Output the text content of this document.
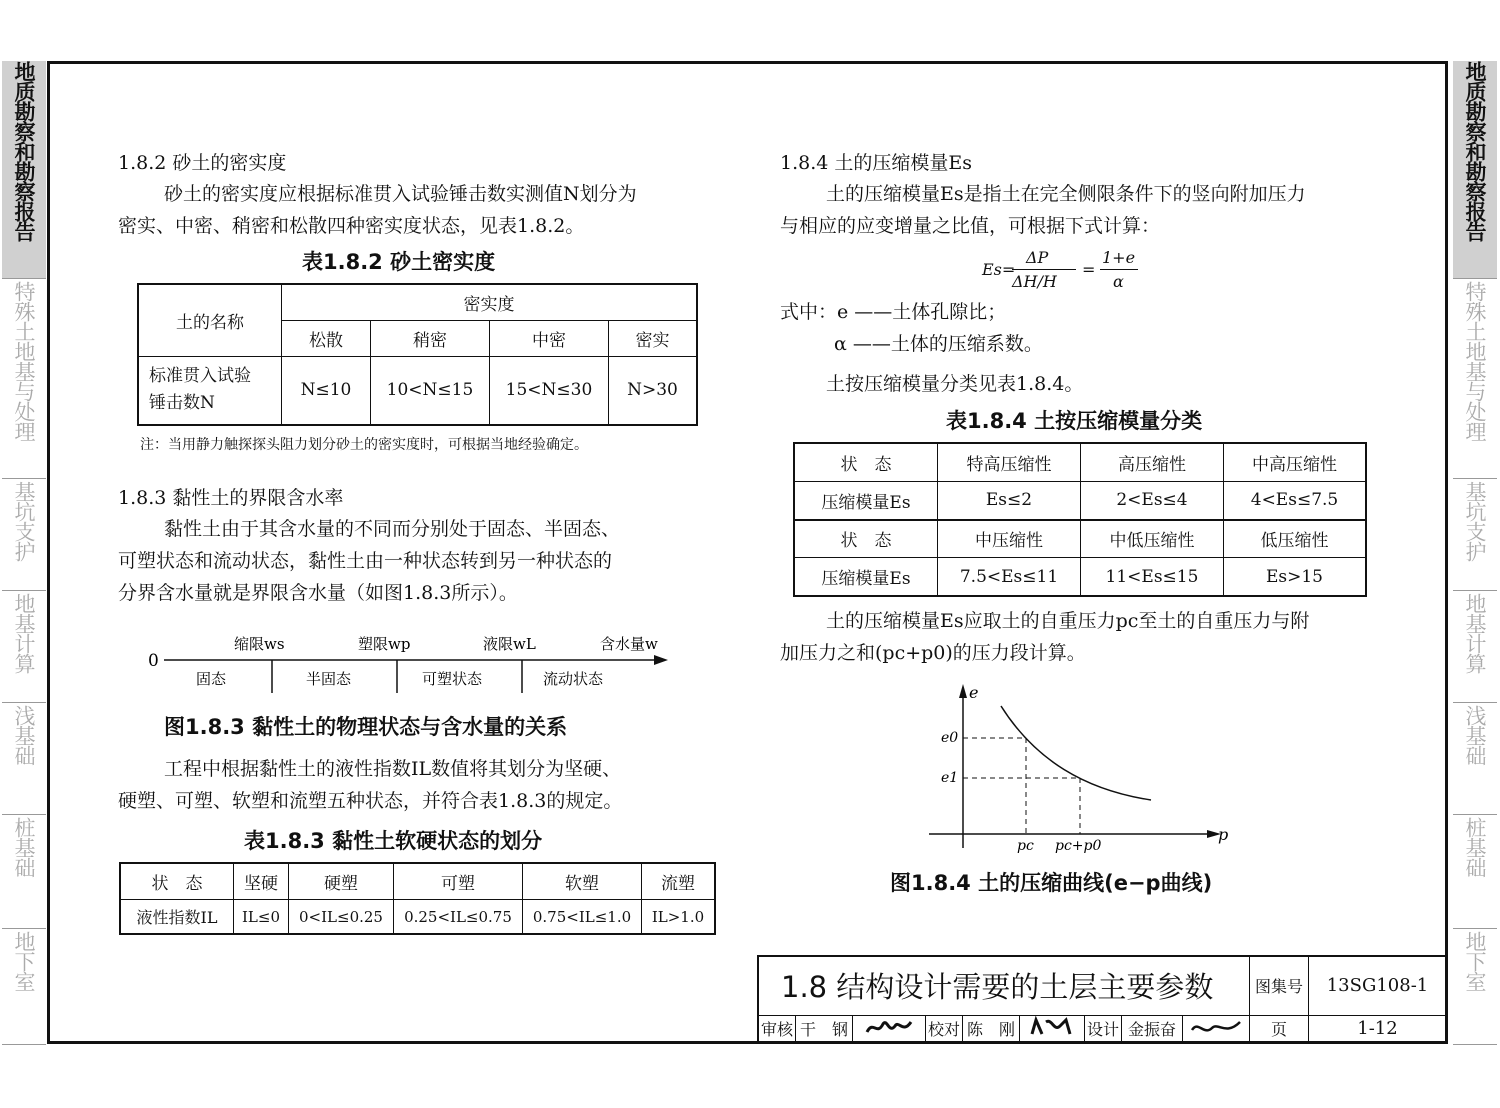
地质勘察和勘察报告
特殊土地基与处理
基坑支护
地基计算
浅基础
桩基础
地下室
地质勘察和勘察报告
特殊土地基与处理
基坑支护
地基计算
浅基础
桩基础
地下室
1.8.2 砂土的密实度
砂土的密实度应根据标准贯入试验锤击数实测值N划分为
密实、中密、稍密和松散四种密实度状态，见表1.8.2。
表1.8.2 砂土密实度
土的名称	密实度			
	松散	稍密	中密	密实

标准贯入试验
锤击数N	N≤10	10<N≤15	15<N≤30	N>30
注：当用静力触探探头阻力划分砂土的密实度时，可根据当地经验确定。
1.8.3 黏性土的界限含水率
黏性土由于其含水量的不同而分别处于固态、半固态、
可塑状态和流动状态，黏性土由一种状态转到另一种状态的
分界含水量就是界限含水量（如图1.8.3所示）。
0
缩限ws	塑限wp	液限wL	含水量w
固态	半固态	可塑状态	流动状态
图1.8.3 黏性土的物理状态与含水量的关系
工程中根据黏性土的液性指数IL数值将其划分为坚硬、
硬塑、可塑、软塑和流塑五种状态，并符合表1.8.3的规定。
表1.8.3 黏性土软硬状态的划分
状　态	坚硬	硬塑	可塑	软塑	流塑
液性指数IL	IL≤0	0<IL≤0.25	0.25<IL≤0.75	0.75<IL≤1.0	IL>1.0
1.8.4 土的压缩模量Es
土的压缩模量Es是指土在完全侧限条件下的竖向附加压力
与相应的应变增量之比值，可根据下式计算：
Es=
ΔP
ΔH/H
=
1+e
α
式中：e ——土体孔隙比；
α ——土体的压缩系数。
土按压缩模量分类见表1.8.4。
表1.8.4 土按压缩模量分类
状　态	特高压缩性	高压缩性	中高压缩性
压缩模量Es	Es≤2	2<Es≤4	4<Es≤7.5
状　态	中压缩性	中低压缩性	低压缩性
压缩模量Es	7.5<Es≤11	11<Es≤15	Es>15
土的压缩模量Es应取土的自重压力pc至土的自重压力与附
加压力之和(pc+p0)的压力段计算。
e
p
e0
e1
pc pc+p0
图1.8.4 土的压缩曲线(e−p曲线)
1.8 结构设计需要的土层主要参数									图集号	13SG108-1
审核	干　钢		校对	陈　刚		设计	金振奋		页	1-12
